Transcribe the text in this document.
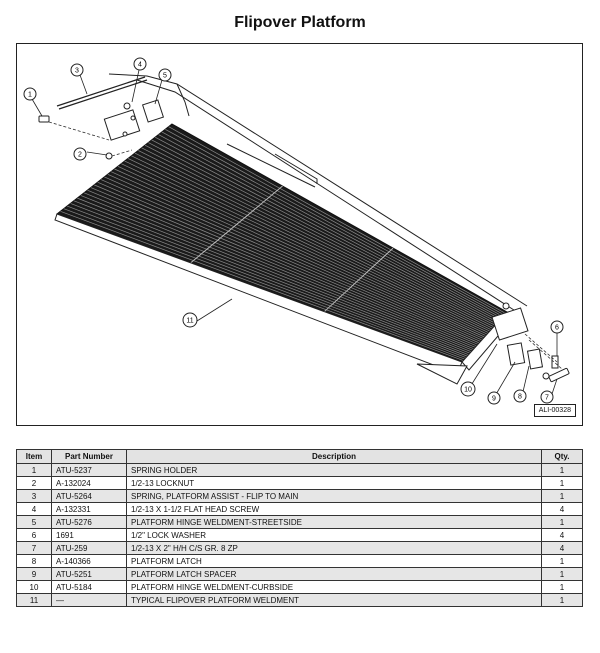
Flipover Platform
1
2
3
4
5
11
6
7
8
9
10
ALI-00328
Item	Part Number	Description	Qty.
1	ATU-5237	SPRING HOLDER	1
2	A-132024	1/2-13 LOCKNUT	1
3	ATU-5264	SPRING, PLATFORM ASSIST - FLIP TO MAIN	1
4	A-132331	1/2-13 X 1-1/2 FLAT HEAD SCREW	4
5	ATU-5276	PLATFORM HINGE WELDMENT-STREETSIDE	1
6	1691	1/2" LOCK WASHER	4
7	ATU-259	1/2-13 X 2" H/H C/S GR. 8 ZP	4
8	A-140366	PLATFORM LATCH	1
9	ATU-5251	PLATFORM LATCH SPACER	1
10	ATU-5184	PLATFORM HINGE WELDMENT-CURBSIDE	1
11	—	TYPICAL FLIPOVER PLATFORM WELDMENT	1
